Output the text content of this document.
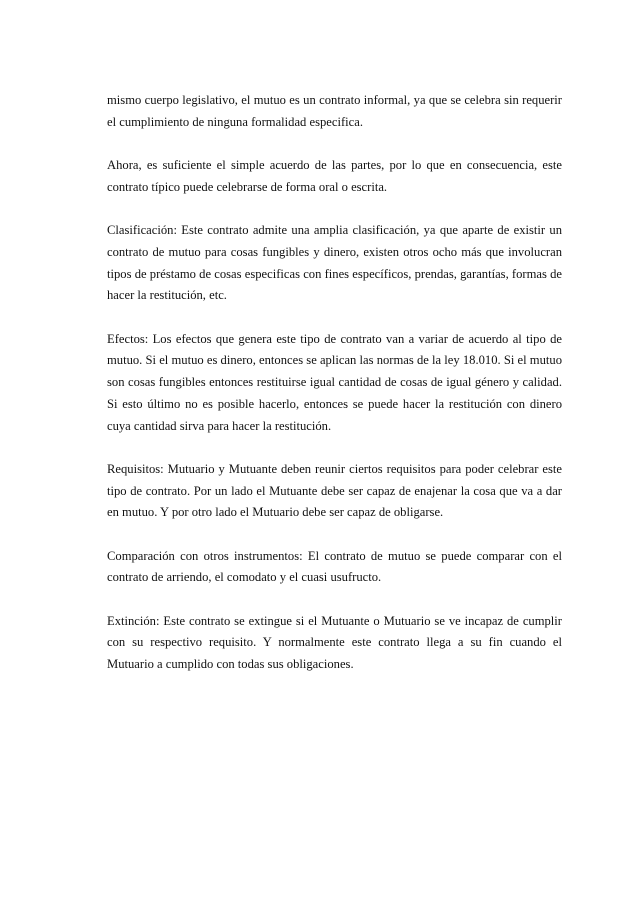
mismo cuerpo legislativo, el mutuo es un contrato informal, ya que se celebra sin requerir el cumplimiento de ninguna formalidad especifica.

Ahora, es suficiente el simple acuerdo de las partes, por lo que en consecuencia, este contrato típico puede celebrarse de forma oral o escrita.

Clasificación: Este contrato admite una amplia clasificación, ya que aparte de existir un contrato de mutuo para cosas fungibles y dinero, existen otros ocho más que involucran tipos de préstamo de cosas especificas con fines específicos, prendas, garantías, formas de hacer la restitución, etc.

Efectos: Los efectos que genera este tipo de contrato van a variar de acuerdo al tipo de mutuo. Si el mutuo es dinero, entonces se aplican las normas de la ley 18.010. Si el mutuo son cosas fungibles entonces restituirse igual cantidad de cosas de igual género y calidad. Si esto último no es posible hacerlo, entonces se puede hacer la restitución con dinero cuya cantidad sirva para hacer la restitución.

Requisitos: Mutuario y Mutuante deben reunir ciertos requisitos para poder celebrar este tipo de contrato. Por un lado el Mutuante debe ser capaz de enajenar la cosa que va a dar en mutuo. Y por otro lado el Mutuario debe ser capaz de obligarse.

Comparación con otros instrumentos: El contrato de mutuo se puede comparar con el contrato de arriendo, el comodato y el cuasi usufructo.

Extinción: Este contrato se extingue si el Mutuante o Mutuario se ve incapaz de cumplir con su respectivo requisito. Y normalmente este contrato llega a su fin cuando el Mutuario a cumplido con todas sus obligaciones.
